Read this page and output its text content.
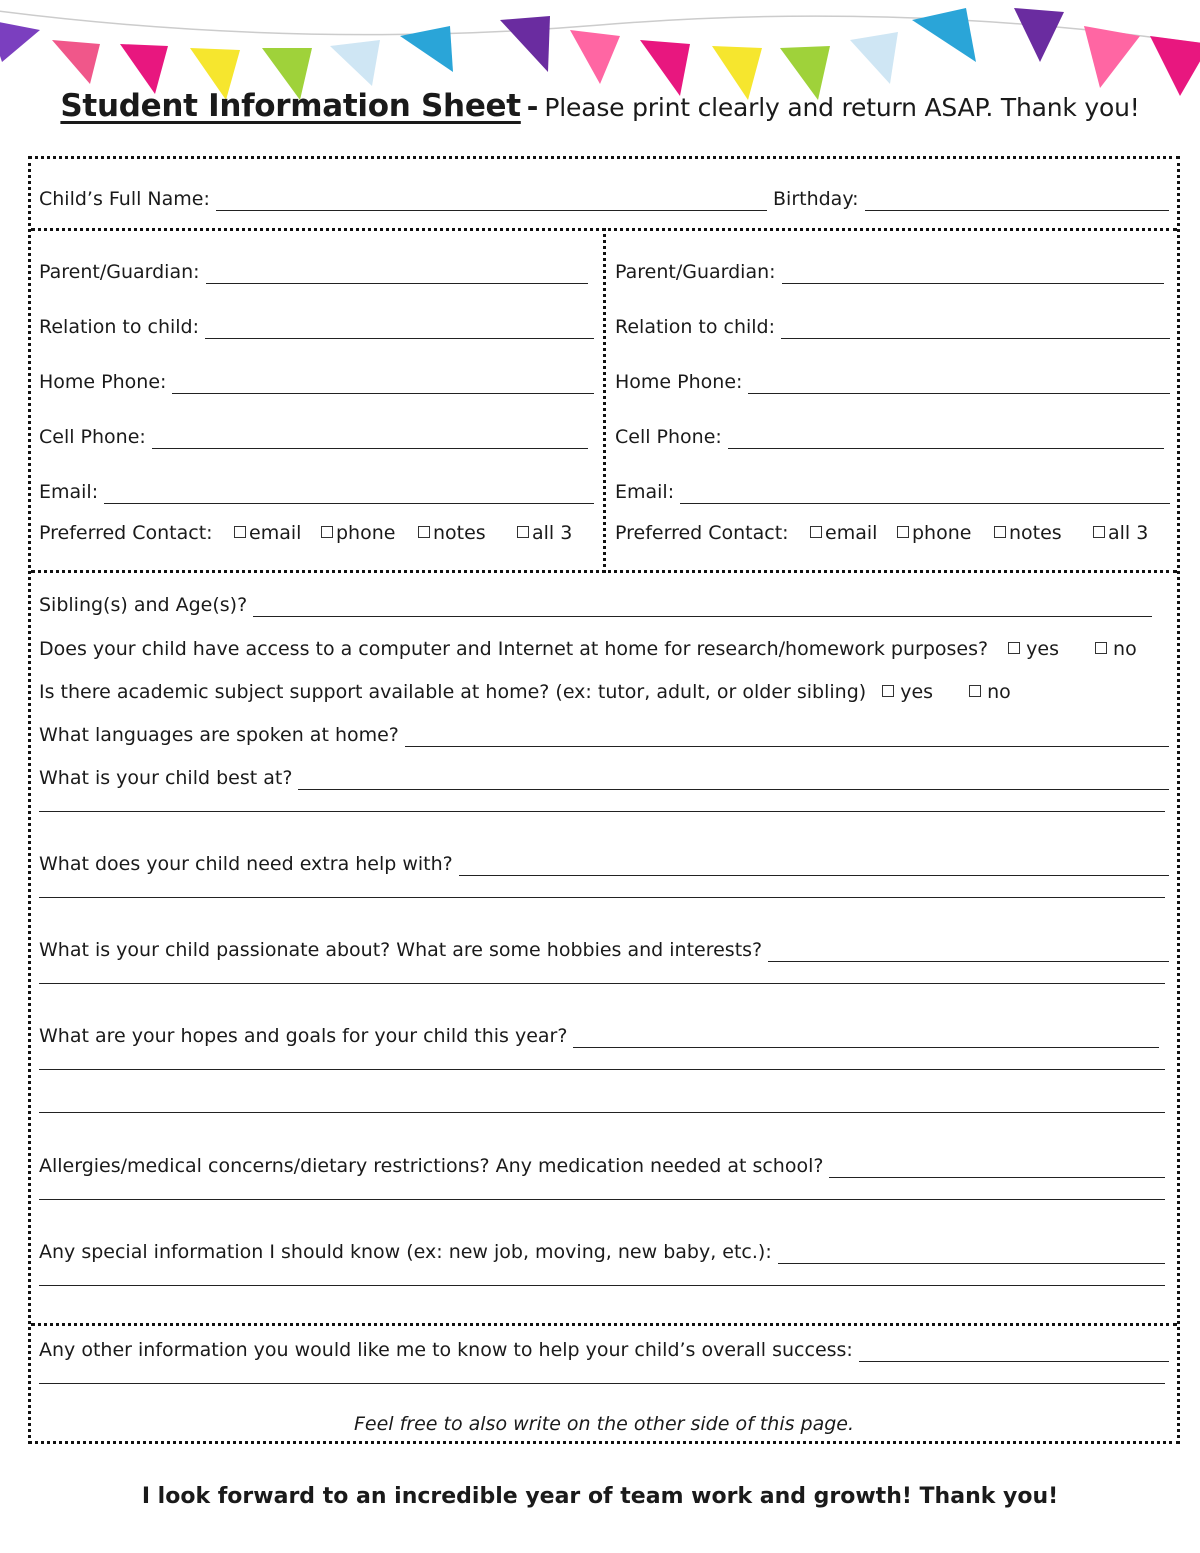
Student Information Sheet - Please print clearly and return ASAP. Thank you!
Child’s Full Name:	Birthday:
Parent/Guardian:
Relation to child:
Home Phone:
Cell Phone:
Email:
Preferred Contact:	email	phone	notes	all 3
Parent/Guardian:
Relation to child:
Home Phone:
Cell Phone:
Email:
Preferred Contact:	email	phone	notes	all 3
Sibling(s) and Age(s)?
Does your child have access to a computer and Internet at home for research/homework purposes? yes	no
Is there academic subject support available at home? (ex: tutor, adult, or older sibling) yes	no
What languages are spoken at home?
What is your child best at?
What does your child need extra help with?
What is your child passionate about? What are some hobbies and interests?
What are your hopes and goals for your child this year?
Allergies/medical concerns/dietary restrictions? Any medication needed at school?
Any special information I should know (ex: new job, moving, new baby, etc.):
Any other information you would like me to know to help your child’s overall success:
Feel free to also write on the other side of this page.
I look forward to an incredible year of team work and growth! Thank you!
